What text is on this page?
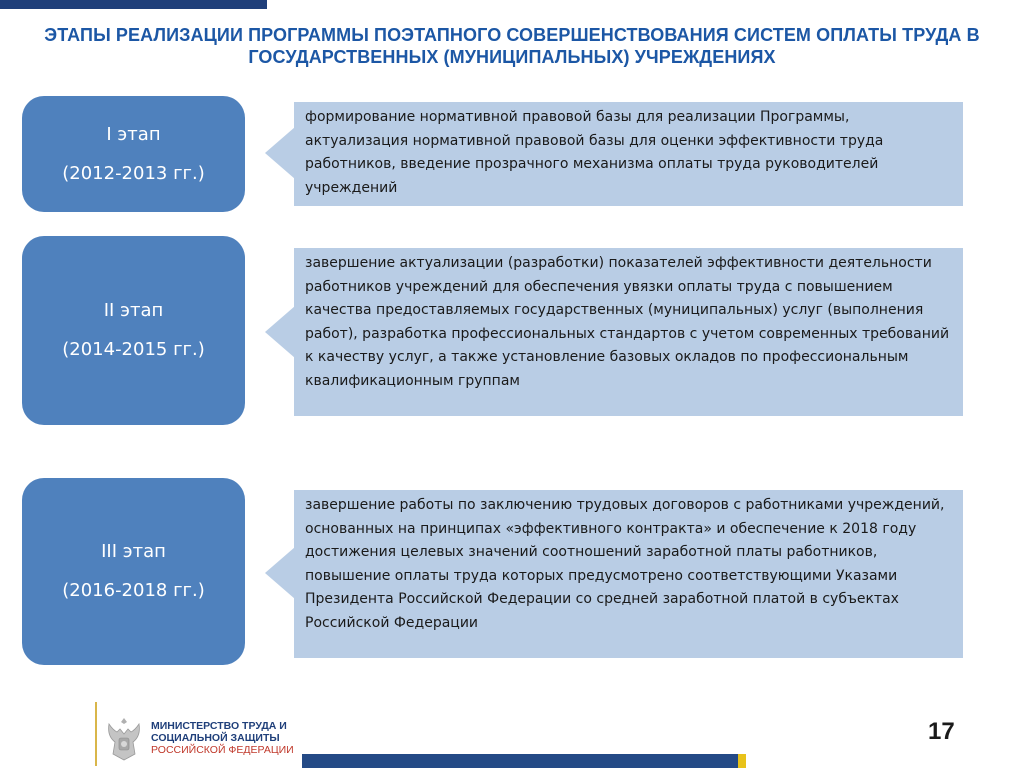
ЭТАПЫ РЕАЛИЗАЦИИ ПРОГРАММЫ ПОЭТАПНОГО СОВЕРШЕНСТВОВАНИЯ СИСТЕМ ОПЛАТЫ ТРУДА В ГОСУДАРСТВЕННЫХ (МУНИЦИПАЛЬНЫХ) УЧРЕЖДЕНИЯХ
I этап
(2012-2013 гг.)
формирование нормативной правовой базы для реализации Программы, актуализация нормативной правовой базы для оценки эффективности труда работников, введение прозрачного механизма оплаты труда руководителей учреждений
II этап
(2014-2015 гг.)
завершение актуализации (разработки) показателей эффективности деятельности работников учреждений для обеспечения увязки оплаты труда с повышением качества предоставляемых государственных (муниципальных) услуг (выполнения работ), разработка профессиональных стандартов с учетом современных требований к качеству услуг, а также установление базовых окладов по профессиональным квалификационным группам
III этап
(2016-2018 гг.)
завершение работы по заключению трудовых договоров с работниками учреждений, основанных на принципах «эффективного контракта» и обеспечение к 2018 году достижения целевых значений соотношений заработной платы работников, повышение оплаты труда которых предусмотрено соответствующими Указами Президента Российской Федерации со средней заработной платой в субъектах Российской Федерации
МИНИСТЕРСТВО ТРУДА И
СОЦИАЛЬНОЙ ЗАЩИТЫ
РОССИЙСКОЙ ФЕДЕРАЦИИ
17
